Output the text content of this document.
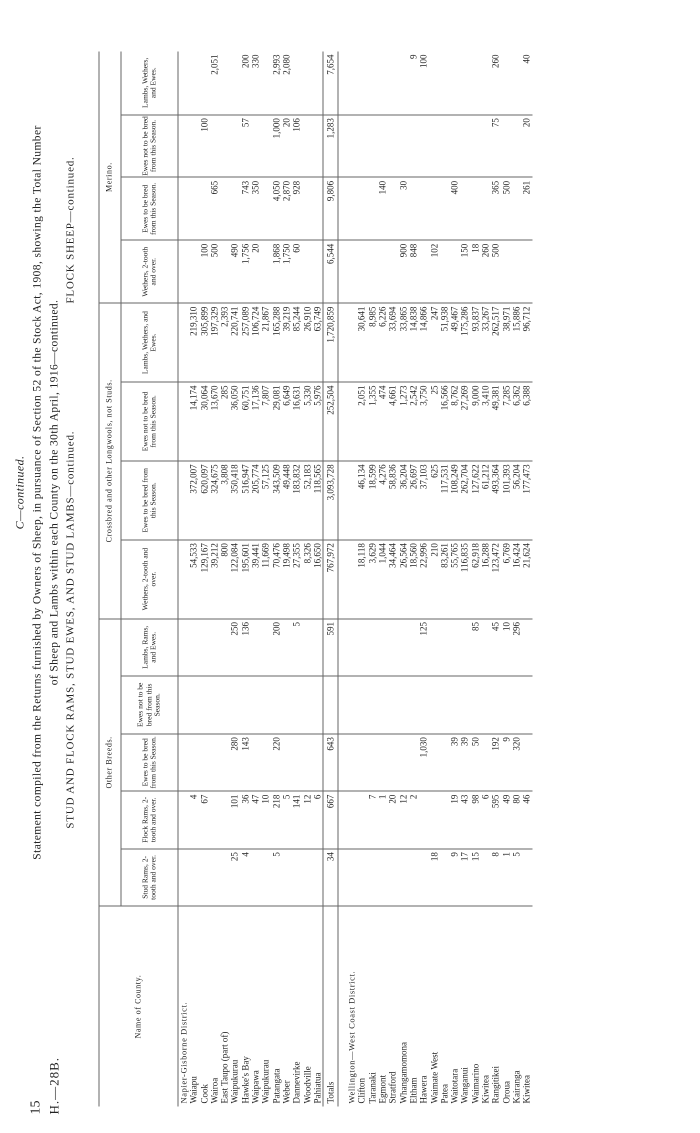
15 H.—28B.
C—continued. Statement compiled from the Returns furnished by Owners of Sheep, in pursuance of Section 52 of the Stock Act, 1908, showing the Total Number of Sheep and Lambs within each County on the 30th April, 1916—continued. STUD AND FLOCK RAMS, STUD EWES, AND STUD LAMBS—continued.  FLOCK SHEEP—continued.
Name of County.	Other Breeds.					Crossbred and other Longwools, not Studs.				Merino.			
	Stud Rams, 2-tooth and over.	Flock Rams, 2-tooth and over.	Ewes to be bred from this Season.	Ewes not to be bred from this Season.	Lambs, Rams, and Ewes.	Wethers, 2-tooth and over.	Ewes to be bred from this Season.	Ewes not to be bred from this Season.	Lambs, Wethers, and Ewes.	Wethers, 2-tooth and over.	Ewes to be bred from this Season.	Ewes not to be bred from this Season.	Lambs, Wethers, and Ewes.
Napier-Gisborne District.													
Waiapu		4				54,533	372,007	14,174	219,310				
Cook		67				129,167	620,097	30,064	305,899	100		100	
Wairoa						39,212	324,675	13,670	197,329	500	665		2,051
East Taupo (part of)						800	3,808	285	2,393				
Waipukurau	25	101	280		250	122,084	350,418	36,050	220,741	490			
Hawke's Bay	4	36	143		136	195,601	516,947	60,751	257,089	1,756	743	57	200
Waipawa		47				39,441	205,774	17,136	106,724	20	350		330
Waipukurau		10				11,669	57,125	7,807	21,867				
Patangata	5	218	220		200	70,476	343,509	29,081	165,288	1,868	4,050	1,000	2,993
Weber		5				19,498	49,448	6,649	39,219	1,750	2,870	20	2,080
Dannevirke		141			5	27,355	183,832	16,631	85,244	60	928	106	
Woodville		12				8,326	52,183	5,330	26,910				
Pahiatua		6				16,650	118,565	5,976	63,749				
Totals	34	667	643		591	767,972	3,093,728	252,504	1,720,859	6,544	9,806	1,283	7,654

Wellington—West Coast District.													
Clifton						18,118	46,134	2,051	30,641				
Taranaki		7				3,629	18,599	1,355	8,985				
Egmont		1				1,044	4,276	474	6,226		140		
Stratford		20				34,464	58,836	4,661	33,694				
Whangamomona		12				26,564	36,204	1,273	33,865	900	30		
Eltham		2				18,560	26,697	2,542	14,838	848			9
Hawera			1,030		125	22,996	37,103	3,750	14,866				100
Waimate West	18					210	625	25	247	102			
Patea						83,261	117,531	16,566	51,938				
Waitotara	9	19	39			55,765	108,249	8,762	49,467		400		
Wanganui	17	43	39			116,835	262,704	27,269	175,286	150			
Waimarino	15	98	50		85	62,918	127,622	9,000	93,837	18			
Kiwitea		6				16,288	61,212	3,410	33,267	260			
Rangitikei	8	595	192		45	123,472	493,364	49,381	262,517	500	365	75	260
Oroua	1	49	9		10	6,769	101,393	7,285	38,971		500		
Kairanga	5	80	320		296	16,424	56,204	6,362	15,886				
Kiwitea		46				21,624	177,473	6,388	96,712		261	20	40
